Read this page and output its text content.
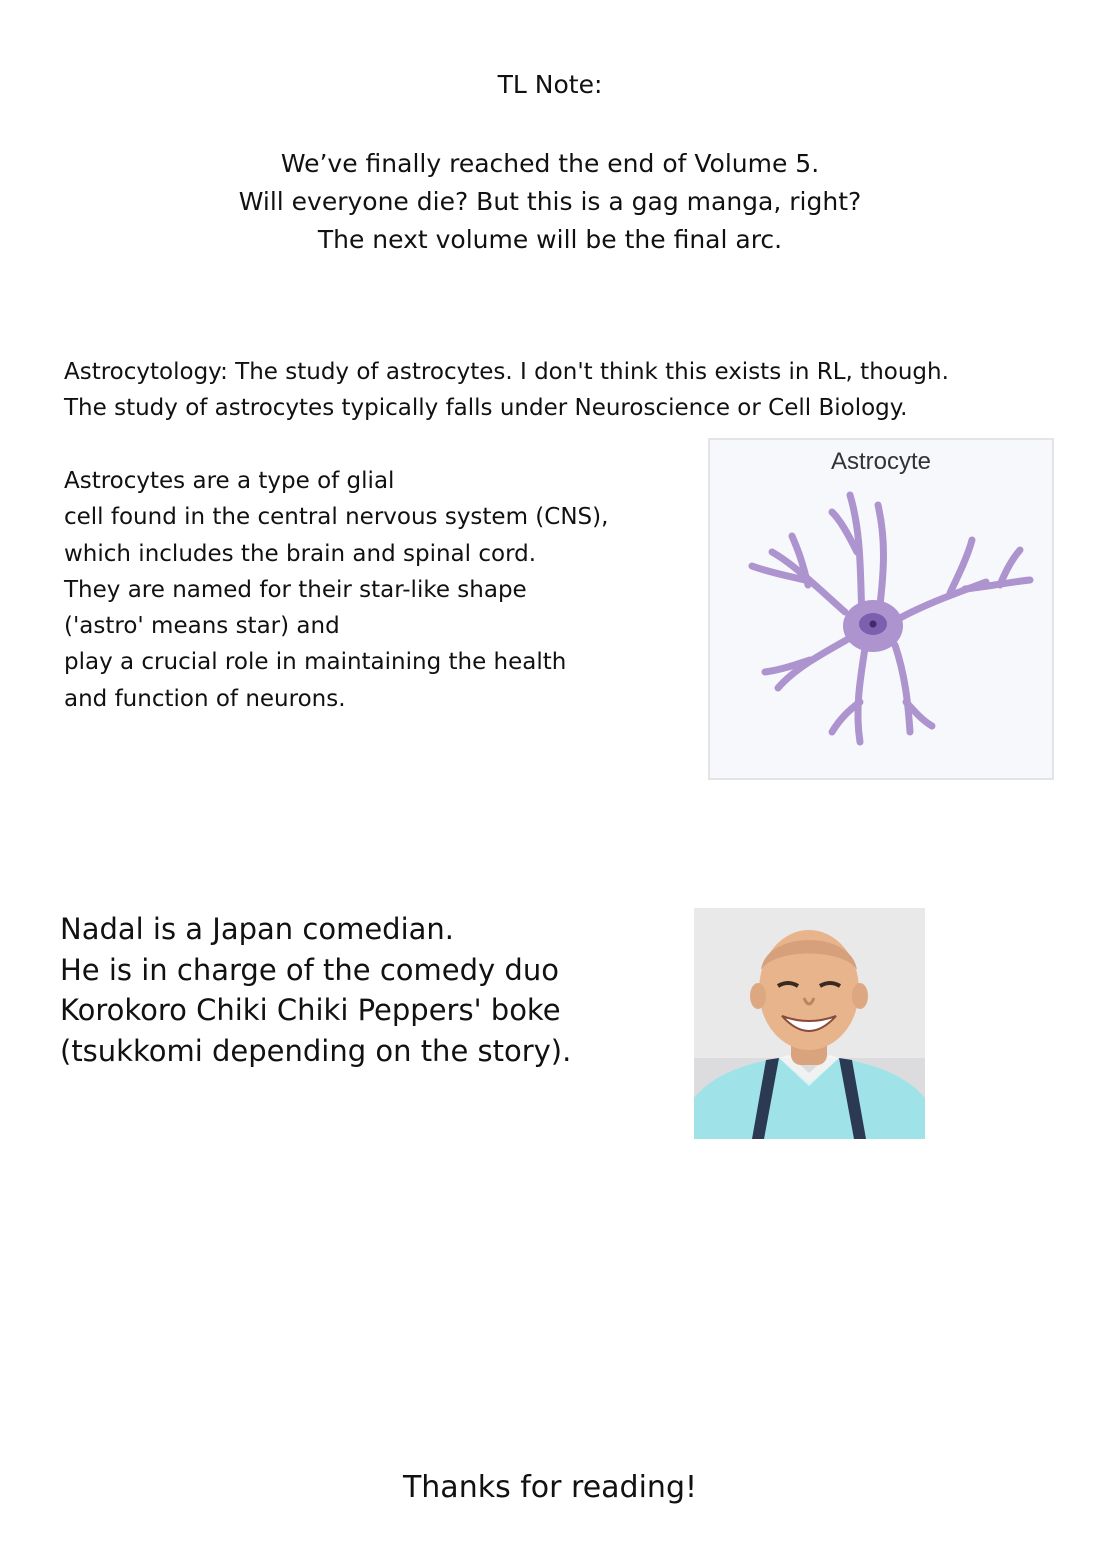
TL Note:
We’ve finally reached the end of Volume 5.
Will everyone die? But this is a gag manga, right?
The next volume will be the final arc.
Astrocytology: The study of astrocytes. I don't think this exists in RL, though.
The study of astrocytes typically falls under Neuroscience or Cell Biology.
Astrocytes are a type of glial
cell found in the central nervous system (CNS),
which includes the brain and spinal cord.
They are named for their star-like shape
('astro' means star) and
play a crucial role in maintaining the health
and function of neurons.
Astrocyte
Nadal is a Japan comedian.
He is in charge of the comedy duo
Korokoro Chiki Chiki Peppers' boke
(tsukkomi depending on the story).
Thanks for reading!
